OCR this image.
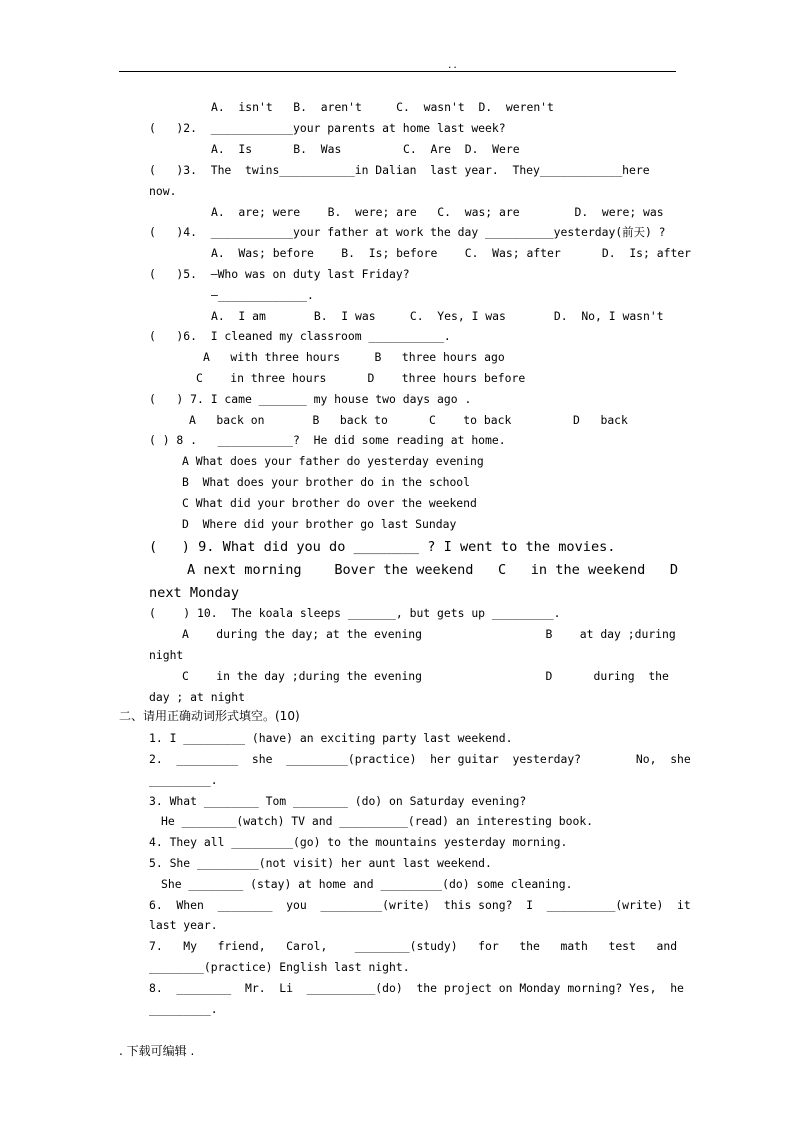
..
A.  isn't   B.  aren't     C.  wasn't  D.  weren't
(   )2.  ____________your parents at home last week?
A.  Is      B.  Was         C.  Are  D.  Were
(   )3.  The  twins___________in Dalian  last year.  They____________here
now.
A.  are; were    B.  were; are   C.  was; are        D.  were; was
(   )4.  ____________your father at work the day __________yesterday(前天) ?
A.  Was; before    B.  Is; before    C.  Was; after      D.  Is; after
(   )5.  —Who was on duty last Friday?
—_____________.
A.  I am       B.  I was     C.  Yes, I was       D.  No, I wasn't
(   )6.  I cleaned my classroom ___________.
A   with three hours     B   three hours ago
C    in three hours      D    three hours before
(   ) 7. I came _______ my house two days ago .
A   back on       B   back to      C    to back         D   back
( ) 8 .   ___________?  He did some reading at home.
A What does your father do yesterday evening
B  What does your brother do in the school
C What did your brother do over the weekend
D  Where did your brother go last Sunday
(   ) 9. What did you do ________ ? I went to the movies.
A next morning    Bover the weekend   C   in the weekend   D
next Monday
(    ) 10.  The koala sleeps _______, but gets up _________.
A    during the day; at the evening                  B    at day ;during
night
C    in the day ;during the evening                  D      during  the
day ; at night
二、请用正确动词形式填空。(10)
1. I _________ (have) an exciting party last weekend.
2.  _________  she  _________(practice)  her guitar  yesterday?        No,  she
_________.
3. What ________ Tom ________ (do) on Saturday evening?
He ________(watch) TV and __________(read) an interesting book.
4. They all _________(go) to the mountains yesterday morning.
5. She _________(not visit) her aunt last weekend.
She ________ (stay) at home and _________(do) some cleaning.
6.  When  ________  you  _________(write)  this song?  I  __________(write)  it
last year.
7.   My   friend,   Carol,    ________(study)   for   the   math   test   and
________(practice) English last night.
8.  ________  Mr.  Li  __________(do)  the project on Monday morning? Yes,  he
_________.
. 下载可编辑 .
